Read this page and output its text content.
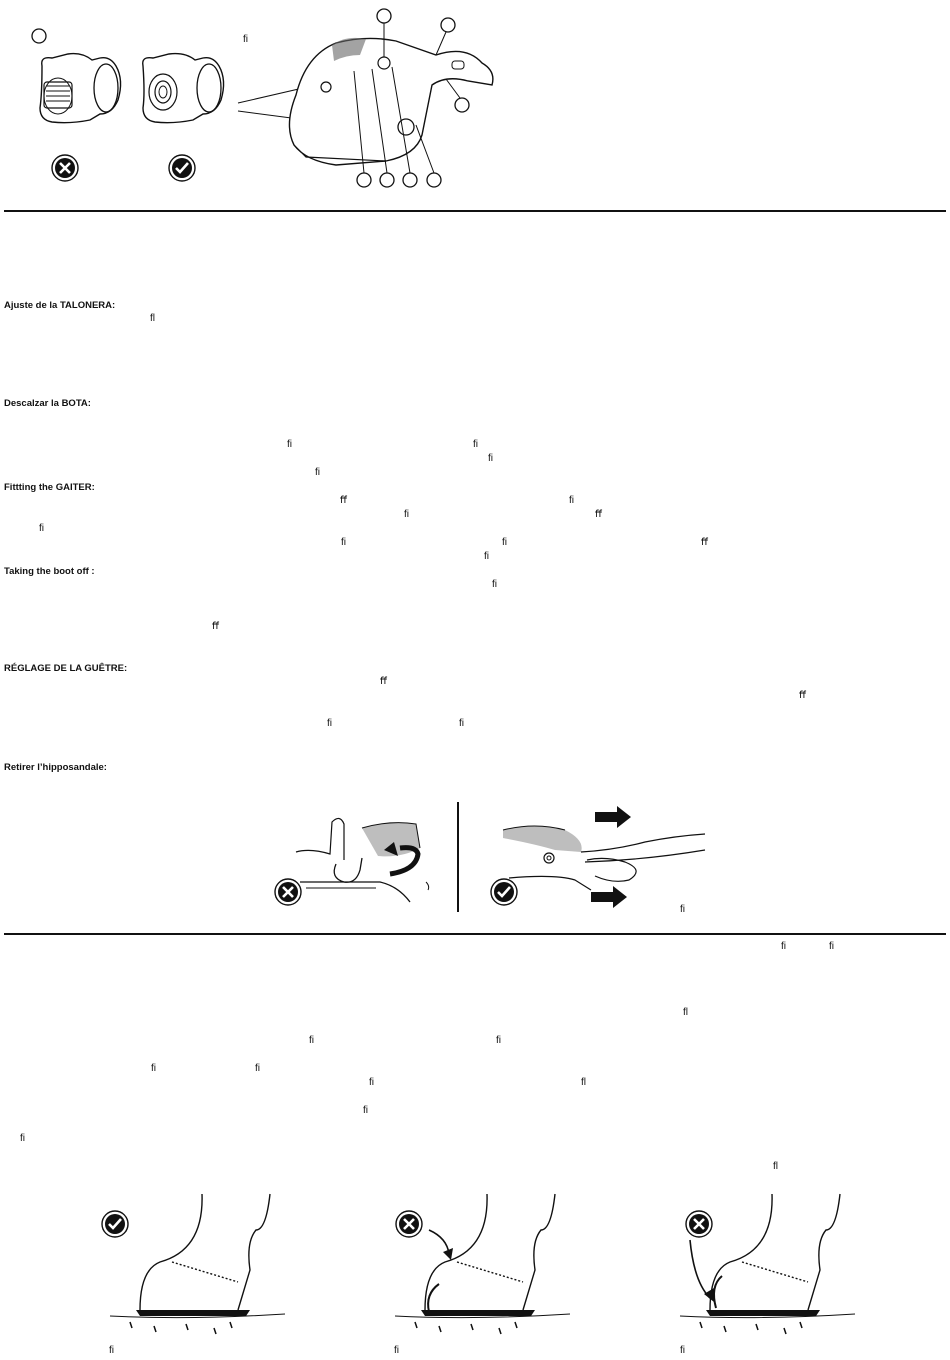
ﬁ
Ajuste de la TALONERA:
ﬂ
Descalzar la BOTA:
ﬁ	ﬁ
ﬁ
ﬁ
Fittting the GAITER:
ﬀ	ﬁ
ﬁ	ﬀ
ﬁ
ﬁ	ﬁ	ﬀ
ﬁ
Taking the boot off :
ﬁ
ﬀ
RÉGLAGE DE LA GUÊTRE:
ﬀ
ﬀ
ﬁ	ﬁ
Retirer l’hipposandale:
ﬁ
ﬁ	ﬁ
ﬂ
ﬁ	ﬁ
ﬁ	ﬁ
ﬁ	ﬂ
ﬁ
ﬁ
ﬂ
ﬁ	ﬁ	ﬁ
